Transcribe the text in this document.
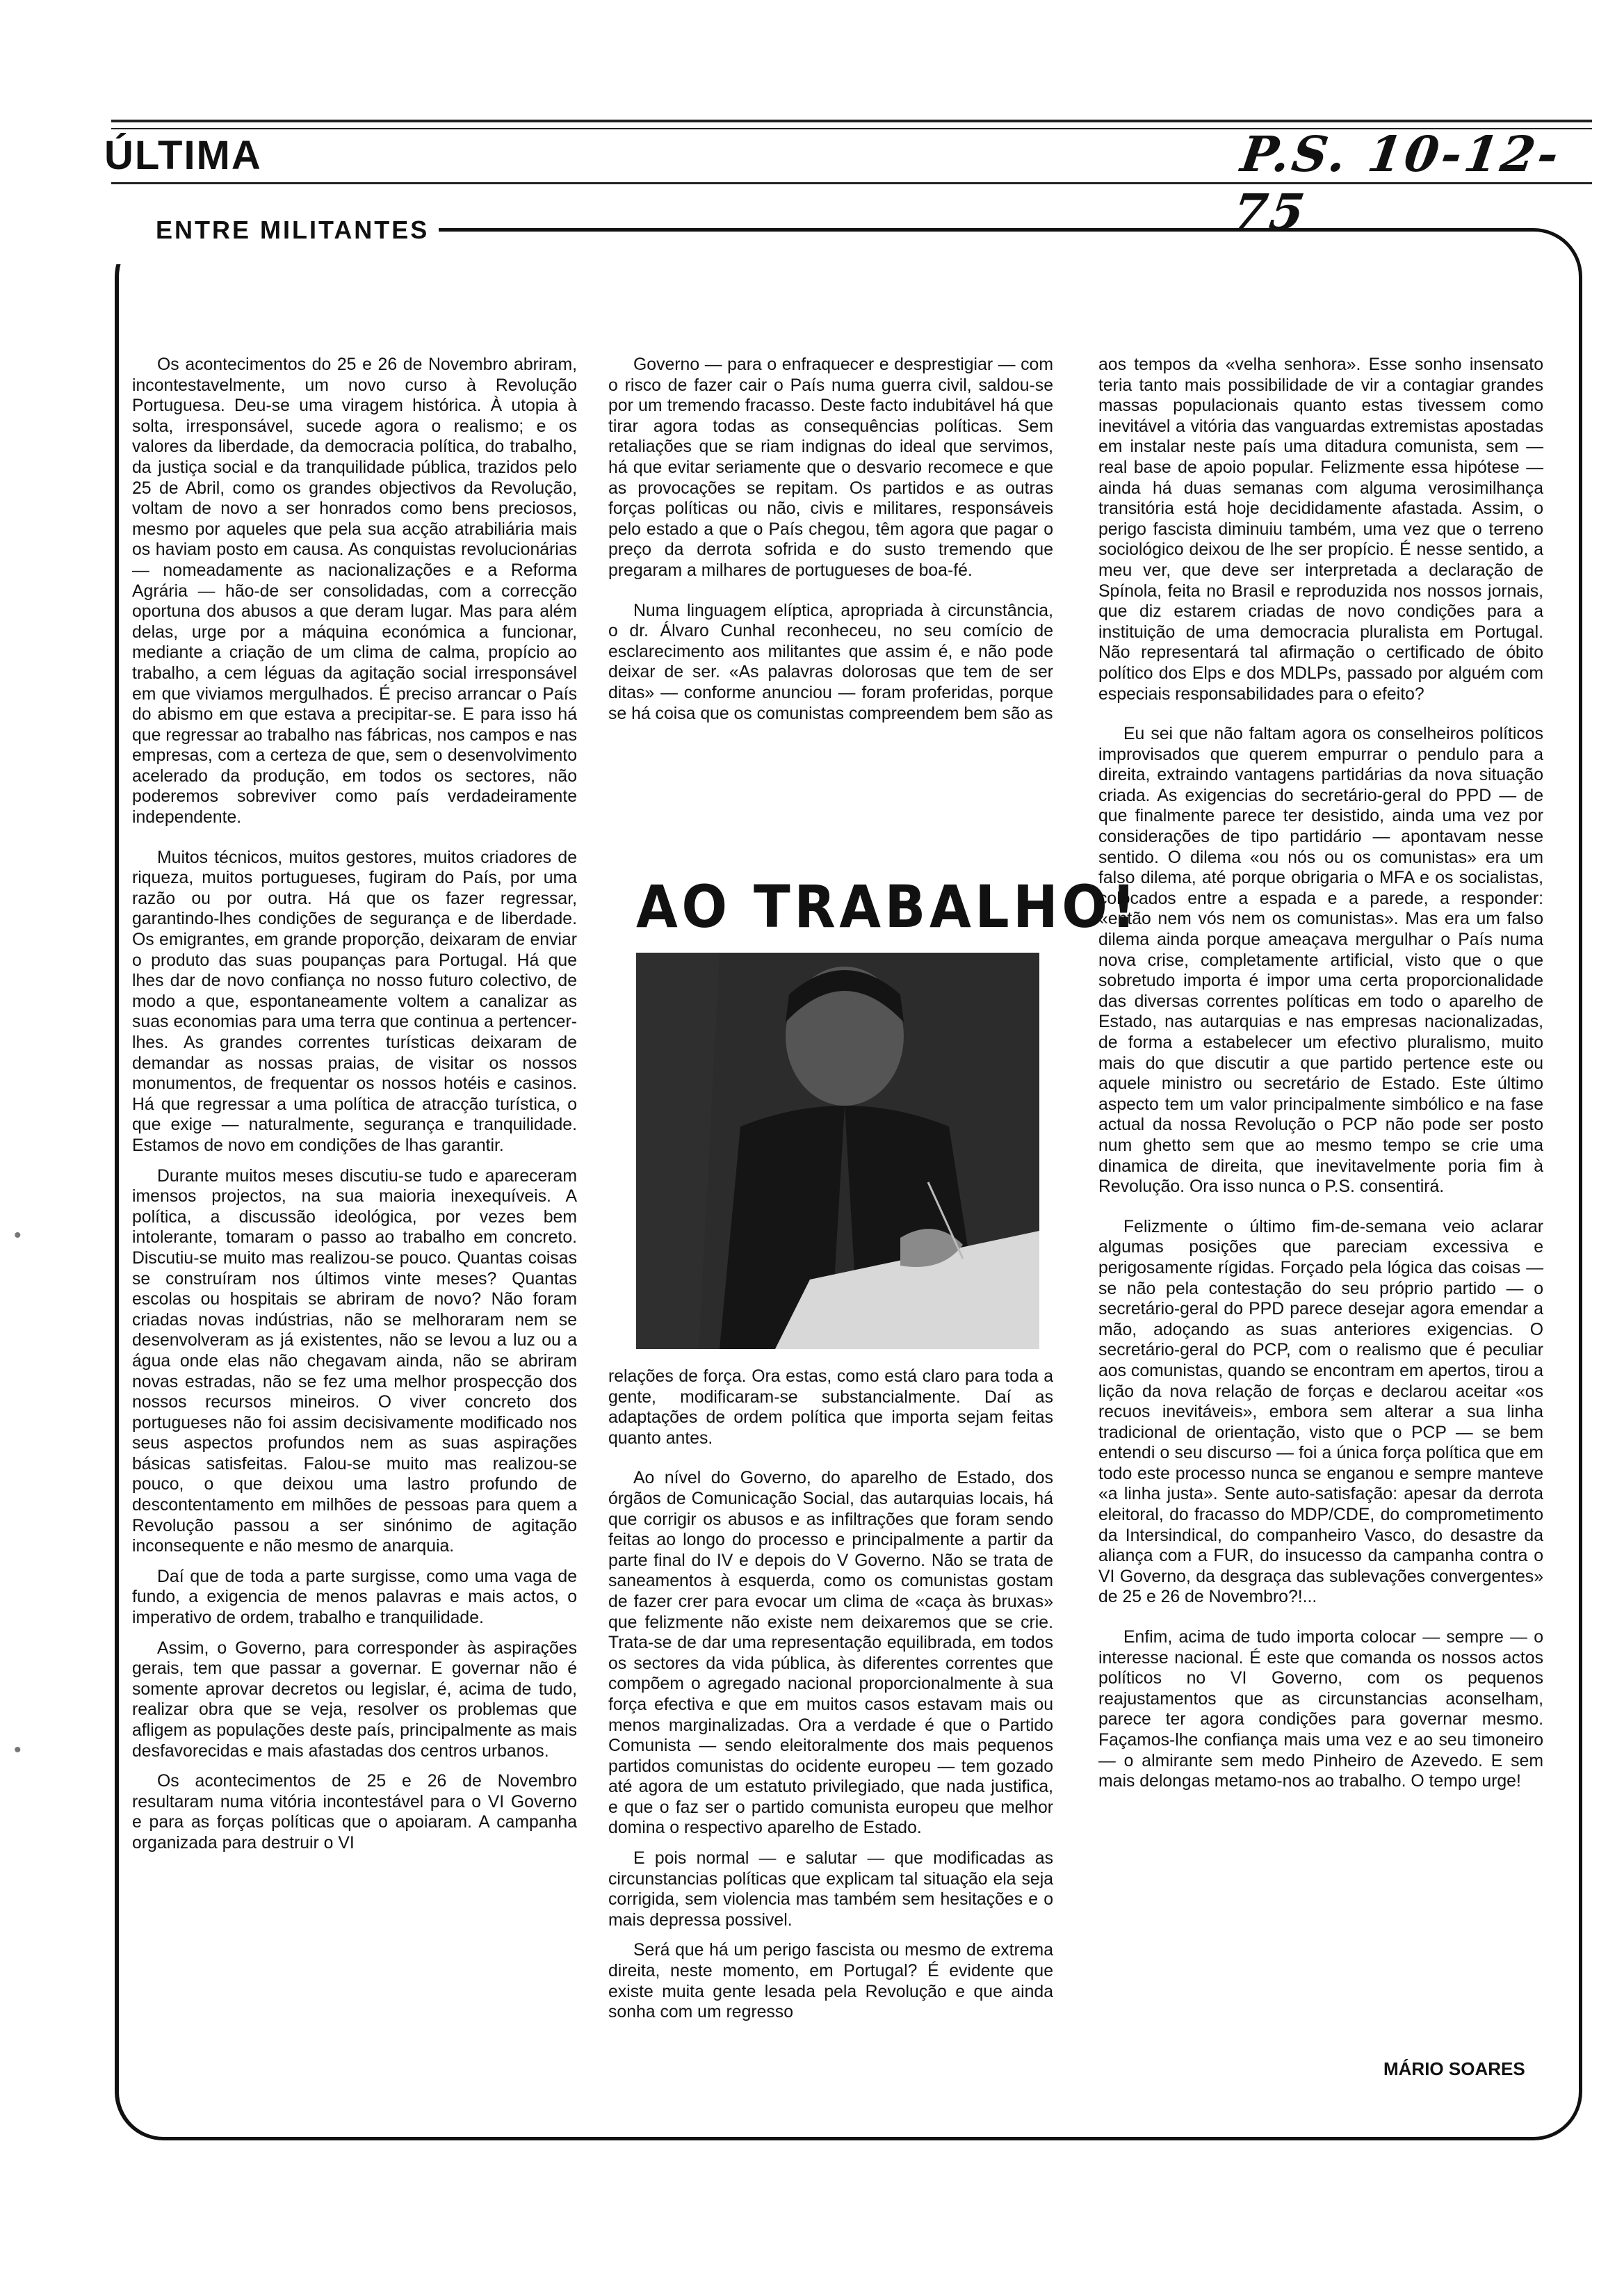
ÚLTIMA	P.S. 10-12-75
ENTRE MILITANTES

Os acontecimentos do 25 e 26 de Novembro abriram, incontestavelmente, um novo curso à Revolução Portuguesa. Deu-se uma viragem histórica. À utopia à solta, irresponsável, sucede agora o realismo; e os valores da liberdade, da democracia política, do trabalho, da justiça social e da tranquilidade pública, trazidos pelo 25 de Abril, como os grandes objectivos da Revolução, voltam de novo a ser honrados como bens preciosos, mesmo por aqueles que pela sua acção atrabiliária mais os haviam posto em causa. As conquistas revolucionárias — nomeadamente as nacionalizações e a Reforma Agrária — hão-de ser consolidadas, com a correcção oportuna dos abusos a que deram lugar. Mas para além delas, urge por a máquina económica a funcionar, mediante a criação de um clima de calma, propício ao trabalho, a cem léguas da agitação social irresponsável em que viviamos mergulhados. É preciso arrancar o País do abismo em que estava a precipitar-se. E para isso há que regressar ao trabalho nas fábricas, nos campos e nas empresas, com a certeza de que, sem o desenvolvimento acelerado da produção, em todos os sectores, não poderemos sobreviver como país verdadeiramente independente.

Muitos técnicos, muitos gestores, muitos criadores de riqueza, muitos portugueses, fugiram do País, por uma razão ou por outra. Há que os fazer regressar, garantindo-lhes condições de segurança e de liberdade. Os emigrantes, em grande proporção, deixaram de enviar o produto das suas poupanças para Portugal. Há que lhes dar de novo confiança no nosso futuro colectivo, de modo a que, espontaneamente voltem a canalizar as suas economias para uma terra que continua a pertencer-lhes. As grandes correntes turísticas deixaram de demandar as nossas praias, de visitar os nossos monumentos, de frequentar os nossos hotéis e casinos. Há que regressar a uma política de atracção turística, o que exige — naturalmente, segurança e tranquilidade. Estamos de novo em condições de lhas garantir.

Durante muitos meses discutiu-se tudo e apareceram imensos projectos, na sua maioria inexequíveis. A política, a discussão ideológica, por vezes bem intolerante, tomaram o passo ao trabalho em concreto. Discutiu-se muito mas realizou-se pouco. Quantas coisas se construíram nos últimos vinte meses? Quantas escolas ou hospitais se abriram de novo? Não foram criadas novas indústrias, não se melhoraram nem se desenvolveram as já existentes, não se levou a luz ou a água onde elas não chegavam ainda, não se abriram novas estradas, não se fez uma melhor prospecção dos nossos recursos mineiros. O viver concreto dos portugueses não foi assim decisivamente modificado nos seus aspectos profundos nem as suas aspirações básicas satisfeitas. Falou-se muito mas realizou-se pouco, o que deixou uma lastro profundo de descontentamento em milhões de pessoas para quem a Revolução passou a ser sinónimo de agitação inconsequente e não mesmo de anarquia.

Daí que de toda a parte surgisse, como uma vaga de fundo, a exigencia de menos palavras e mais actos, o imperativo de ordem, trabalho e tranquilidade.

Assim, o Governo, para corresponder às aspirações gerais, tem que passar a governar. E governar não é somente aprovar decretos ou legislar, é, acima de tudo, realizar obra que se veja, resolver os problemas que afligem as populações deste país, principalmente as mais desfavorecidas e mais afastadas dos centros urbanos.

Os acontecimentos de 25 e 26 de Novembro resultaram numa vitória incontestável para o VI Governo e para as forças políticas que o apoiaram. A campanha organizada para destruir o VI

Governo — para o enfraquecer e desprestigiar — com o risco de fazer cair o País numa guerra civil, saldou-se por um tremendo fracasso. Deste facto indubitável há que tirar agora todas as consequências políticas. Sem retaliações que se riam indignas do ideal que servimos, há que evitar seriamente que o desvario recomece e que as provocações se repitam. Os partidos e as outras forças políticas ou não, civis e militares, responsáveis pelo estado a que o País chegou, têm agora que pagar o preço da derrota sofrida e do susto tremendo que pregaram a milhares de portugueses de boa-fé.

Numa linguagem elíptica, apropriada à circunstância, o dr. Álvaro Cunhal reconheceu, no seu comício de esclarecimento aos militantes que assim é, e não pode deixar de ser. «As palavras dolorosas que tem de ser ditas» — conforme anunciou — foram proferidas, porque se há coisa que os comunistas compreendem bem são as

AO TRABALHO!

relações de força. Ora estas, como está claro para toda a gente, modificaram-se substancialmente. Daí as adaptações de ordem política que importa sejam feitas quanto antes.

Ao nível do Governo, do aparelho de Estado, dos órgãos de Comunicação Social, das autarquias locais, há que corrigir os abusos e as infiltrações que foram sendo feitas ao longo do processo e principalmente a partir da parte final do IV e depois do V Governo. Não se trata de saneamentos à esquerda, como os comunistas gostam de fazer crer para evocar um clima de «caça às bruxas» que felizmente não existe nem deixaremos que se crie. Trata-se de dar uma representação equilibrada, em todos os sectores da vida pública, às diferentes correntes que compõem o agregado nacional proporcionalmente à sua força efectiva e que em muitos casos estavam mais ou menos marginalizadas. Ora a verdade é que o Partido Comunista — sendo eleitoralmente dos mais pequenos partidos comunistas do ocidente europeu — tem gozado até agora de um estatuto privilegiado, que nada justifica, e que o faz ser o partido comunista europeu que melhor domina o respectivo aparelho de Estado.

E pois normal — e salutar — que modificadas as circunstancias políticas que explicam tal situação ela seja corrigida, sem violencia mas também sem hesitações e o mais depressa possivel.

Será que há um perigo fascista ou mesmo de extrema direita, neste momento, em Portugal? É evidente que existe muita gente lesada pela Revolução e que ainda sonha com um regresso

aos tempos da «velha senhora». Esse sonho insensato teria tanto mais possibilidade de vir a contagiar grandes massas populacionais quanto estas tivessem como inevitável a vitória das vanguardas extremistas apostadas em instalar neste país uma ditadura comunista, sem — real base de apoio popular. Felizmente essa hipótese — ainda há duas semanas com alguma verosimilhança transitória está hoje decididamente afastada. Assim, o perigo fascista diminuiu também, uma vez que o terreno sociológico deixou de lhe ser propício. É nesse sentido, a meu ver, que deve ser interpretada a declaração de Spínola, feita no Brasil e reproduzida nos nossos jornais, que diz estarem criadas de novo condições para a instituição de uma democracia pluralista em Portugal. Não representará tal afirmação o certificado de óbito político dos Elps e dos MDLPs, passado por alguém com especiais responsabilidades para o efeito?

Eu sei que não faltam agora os conselheiros políticos improvisados que querem empurrar o pendulo para a direita, extraindo vantagens partidárias da nova situação criada. As exigencias do secretário-geral do PPD — de que finalmente parece ter desistido, ainda uma vez por considerações de tipo partidário — apontavam nesse sentido. O dilema «ou nós ou os comunistas» era um falso dilema, até porque obrigaria o MFA e os socialistas, colocados entre a espada e a parede, a responder: «então nem vós nem os comunistas». Mas era um falso dilema ainda porque ameaçava mergulhar o País numa nova crise, completamente artificial, visto que o que sobretudo importa é impor uma certa proporcionalidade das diversas correntes políticas em todo o aparelho de Estado, nas autarquias e nas empresas nacionalizadas, de forma a estabelecer um efectivo pluralismo, muito mais do que discutir a que partido pertence este ou aquele ministro ou secretário de Estado. Este último aspecto tem um valor principalmente simbólico e na fase actual da nossa Revolução o PCP não pode ser posto num ghetto sem que ao mesmo tempo se crie uma dinamica de direita, que inevitavelmente poria fim à Revolução. Ora isso nunca o P.S. consentirá.

Felizmente o último fim-de-semana veio aclarar algumas posições que pareciam excessiva e perigosamente rígidas. Forçado pela lógica das coisas — se não pela contestação do seu próprio partido — o secretário-geral do PPD parece desejar agora emendar a mão, adoçando as suas anteriores exigencias. O secretário-geral do PCP, com o realismo que é peculiar aos comunistas, quando se encontram em apertos, tirou a lição da nova relação de forças e declarou aceitar «os recuos inevitáveis», embora sem alterar a sua linha tradicional de orientação, visto que o PCP — se bem entendi o seu discurso — foi a única força política que em todo este processo nunca se enganou e sempre manteve «a linha justa». Sente auto-satisfação: apesar da derrota eleitoral, do fracasso do MDP/CDE, do comprometimento da Intersindical, do companheiro Vasco, do desastre da aliança com a FUR, do insucesso da campanha contra o VI Governo, da desgraça das sublevações convergentes» de 25 e 26 de Novembro?!...

Enfim, acima de tudo importa colocar — sempre — o interesse nacional. É este que comanda os nossos actos políticos no VI Governo, com os pequenos reajustamentos que as circunstancias aconselham, parece ter agora condições para governar mesmo. Façamos-lhe confiança mais uma vez e ao seu timoneiro — o almirante sem medo Pinheiro de Azevedo. E sem mais delongas metamo-nos ao trabalho. O tempo urge!

MÁRIO SOARES
•
•
